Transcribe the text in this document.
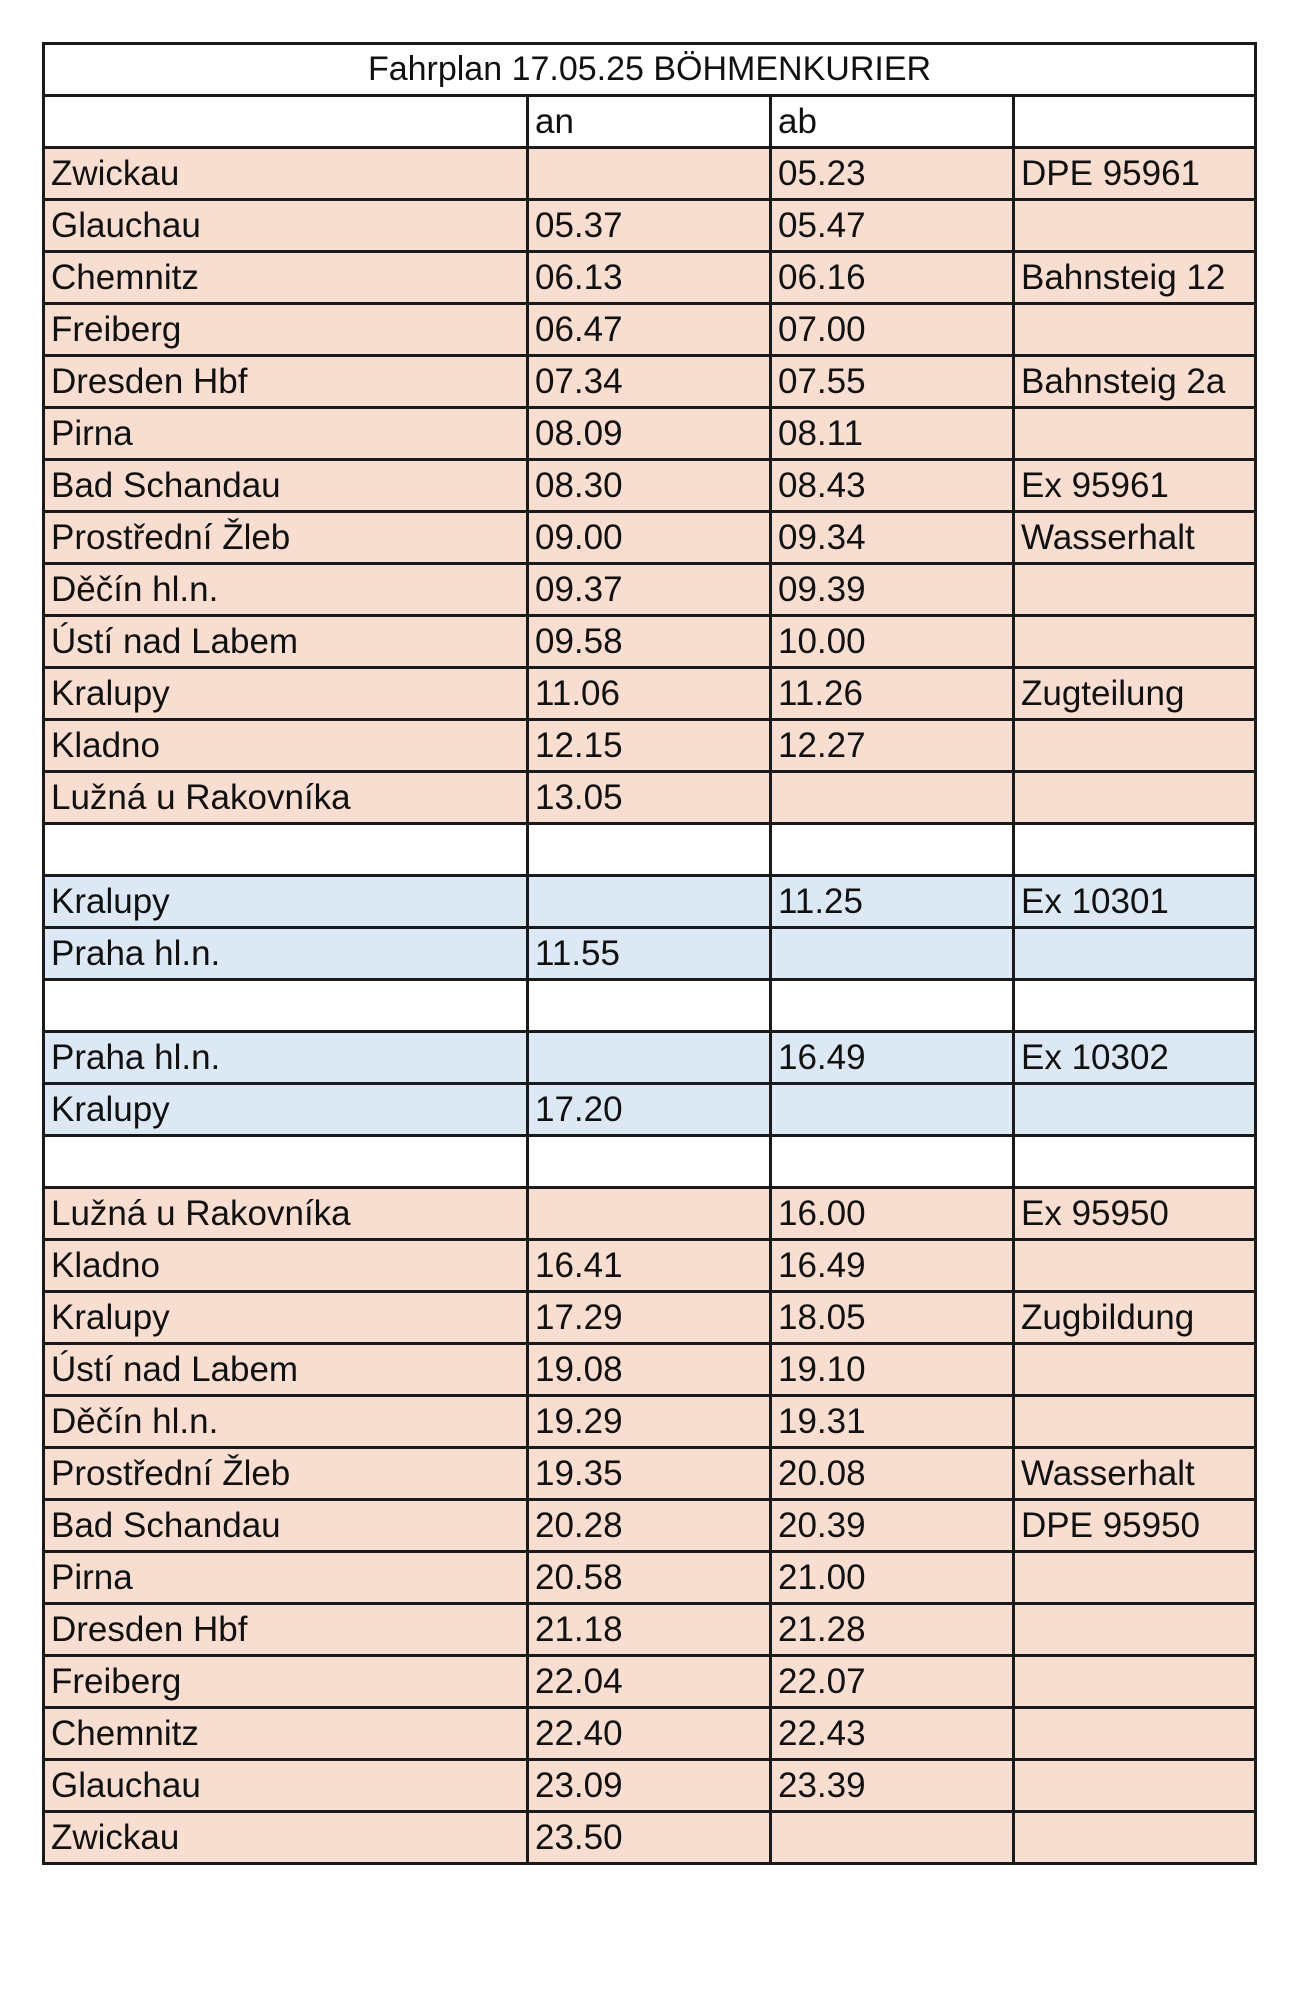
Fahrplan 17.05.25 BÖHMENKURIER			
	an	ab	
Zwickau		05.23	DPE 95961
Glauchau	05.37	05.47	
Chemnitz	06.13	06.16	Bahnsteig 12
Freiberg	06.47	07.00	
Dresden Hbf	07.34	07.55	Bahnsteig 2a
Pirna	08.09	08.11	
Bad Schandau	08.30	08.43	Ex 95961
Prostřední Žleb	09.00	09.34	Wasserhalt
Děčín hl.n.	09.37	09.39	
Ústí nad Labem	09.58	10.00	
Kralupy	11.06	11.26	Zugteilung
Kladno	12.15	12.27	
Lužná u Rakovníka	13.05		

Kralupy		11.25	Ex 10301
Praha hl.n.	11.55		

Praha hl.n.		16.49	Ex 10302
Kralupy	17.20		

Lužná u Rakovníka		16.00	Ex 95950
Kladno	16.41	16.49	
Kralupy	17.29	18.05	Zugbildung
Ústí nad Labem	19.08	19.10	
Děčín hl.n.	19.29	19.31	
Prostřední Žleb	19.35	20.08	Wasserhalt
Bad Schandau	20.28	20.39	DPE 95950
Pirna	20.58	21.00	
Dresden Hbf	21.18	21.28	
Freiberg	22.04	22.07	
Chemnitz	22.40	22.43	
Glauchau	23.09	23.39	
Zwickau	23.50		
